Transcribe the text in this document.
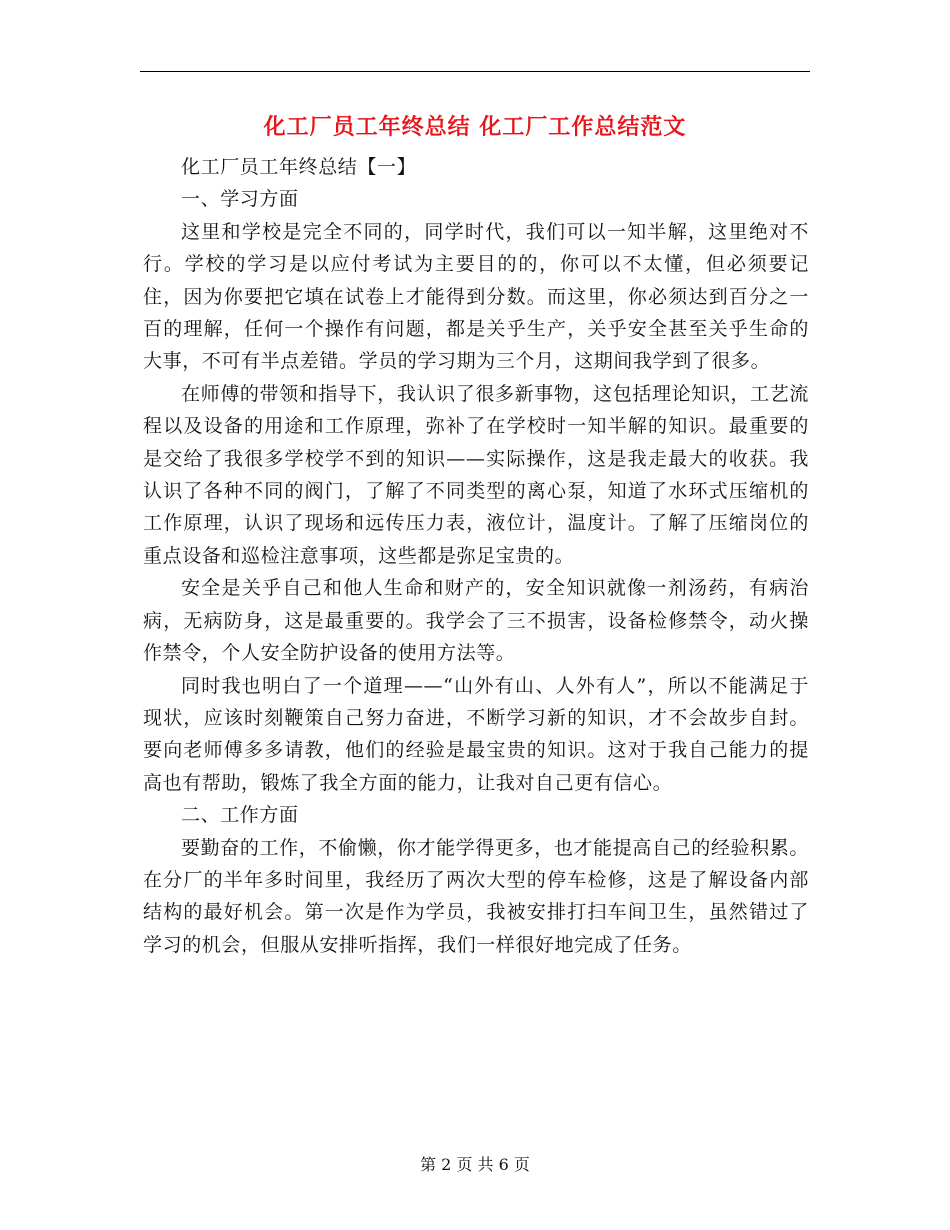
化工厂员工年终总结 化工厂工作总结范文

化工厂员工年终总结【一】

一、学习方面

这里和学校是完全不同的，同学时代，我们可以一知半解，这里绝对不行。学校的学习是以应付考试为主要目的的，你可以不太懂，但必须要记住，因为你要把它填在试卷上才能得到分数。而这里，你必须达到百分之一百的理解，任何一个操作有问题，都是关乎生产，关乎安全甚至关乎生命的大事，不可有半点差错。学员的学习期为三个月，这期间我学到了很多。

在师傅的带领和指导下，我认识了很多新事物，这包括理论知识，工艺流程以及设备的用途和工作原理，弥补了在学校时一知半解的知识。最重要的是交给了我很多学校学不到的知识——实际操作，这是我走最大的收获。我认识了各种不同的阀门，了解了不同类型的离心泵，知道了水环式压缩机的工作原理，认识了现场和远传压力表，液位计，温度计。了解了压缩岗位的重点设备和巡检注意事项，这些都是弥足宝贵的。

安全是关乎自己和他人生命和财产的，安全知识就像一剂汤药，有病治病，无病防身，这是最重要的。我学会了三不损害，设备检修禁令，动火操作禁令，个人安全防护设备的使用方法等。

同时我也明白了一个道理——“山外有山、人外有人”，所以不能满足于现状，应该时刻鞭策自己努力奋进，不断学习新的知识，才不会故步自封。要向老师傅多多请教，他们的经验是最宝贵的知识。这对于我自己能力的提高也有帮助，锻炼了我全方面的能力，让我对自己更有信心。

二、工作方面

要勤奋的工作，不偷懒，你才能学得更多，也才能提高自己的经验积累。在分厂的半年多时间里，我经历了两次大型的停车检修，这是了解设备内部结构的最好机会。第一次是作为学员，我被安排打扫车间卫生，虽然错过了学习的机会，但服从安排听指挥，我们一样很好地完成了任务。

第 2 页 共 6 页
